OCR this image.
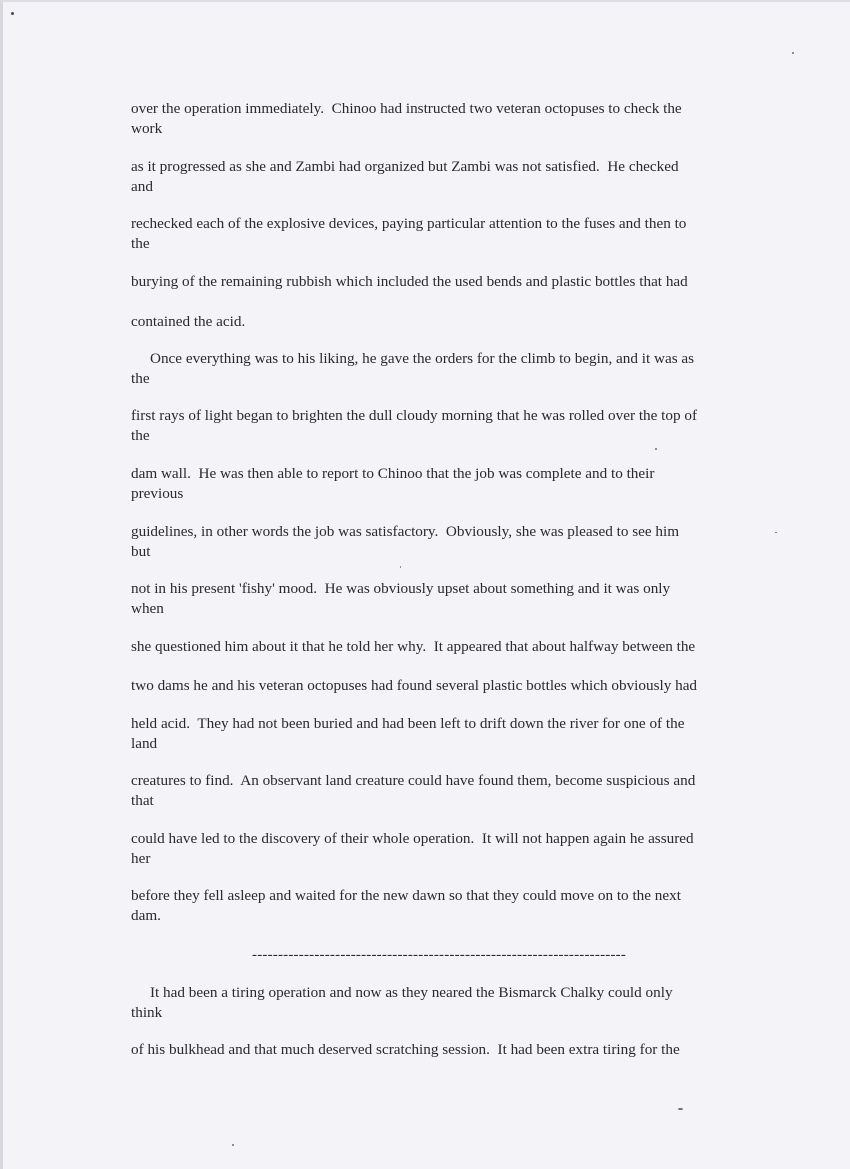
over the operation immediately.  Chinoo had instructed two veteran octopuses to check the
work

as it progressed as she and Zambi had organized but Zambi was not satisfied.  He checked
and

rechecked each of the explosive devices, paying particular attention to the fuses and then to
the

burying of the remaining rubbish which included the used bends and plastic bottles that had

contained the acid.

Once everything was to his liking, he gave the orders for the climb to begin, and it was as
the

first rays of light began to brighten the dull cloudy morning that he was rolled over the top of
the

dam wall.  He was then able to report to Chinoo that the job was complete and to their
previous

guidelines, in other words the job was satisfactory.  Obviously, she was pleased to see him
but

not in his present 'fishy' mood.  He was obviously upset about something and it was only
when

she questioned him about it that he told her why.  It appeared that about halfway between the

two dams he and his veteran octopuses had found several plastic bottles which obviously had

held acid.  They had not been buried and had been left to drift down the river for one of the
land

creatures to find.  An observant land creature could have found them, become suspicious and
that

could have led to the discovery of their whole operation.  It will not happen again he assured
her

before they fell asleep and waited for the new dawn so that they could move on to the next
dam.

------------------------------------------------------------------------

It had been a tiring operation and now as they neared the Bismarck Chalky could only
think

of his bulkhead and that much deserved scratching session.  It had been extra tiring for the
